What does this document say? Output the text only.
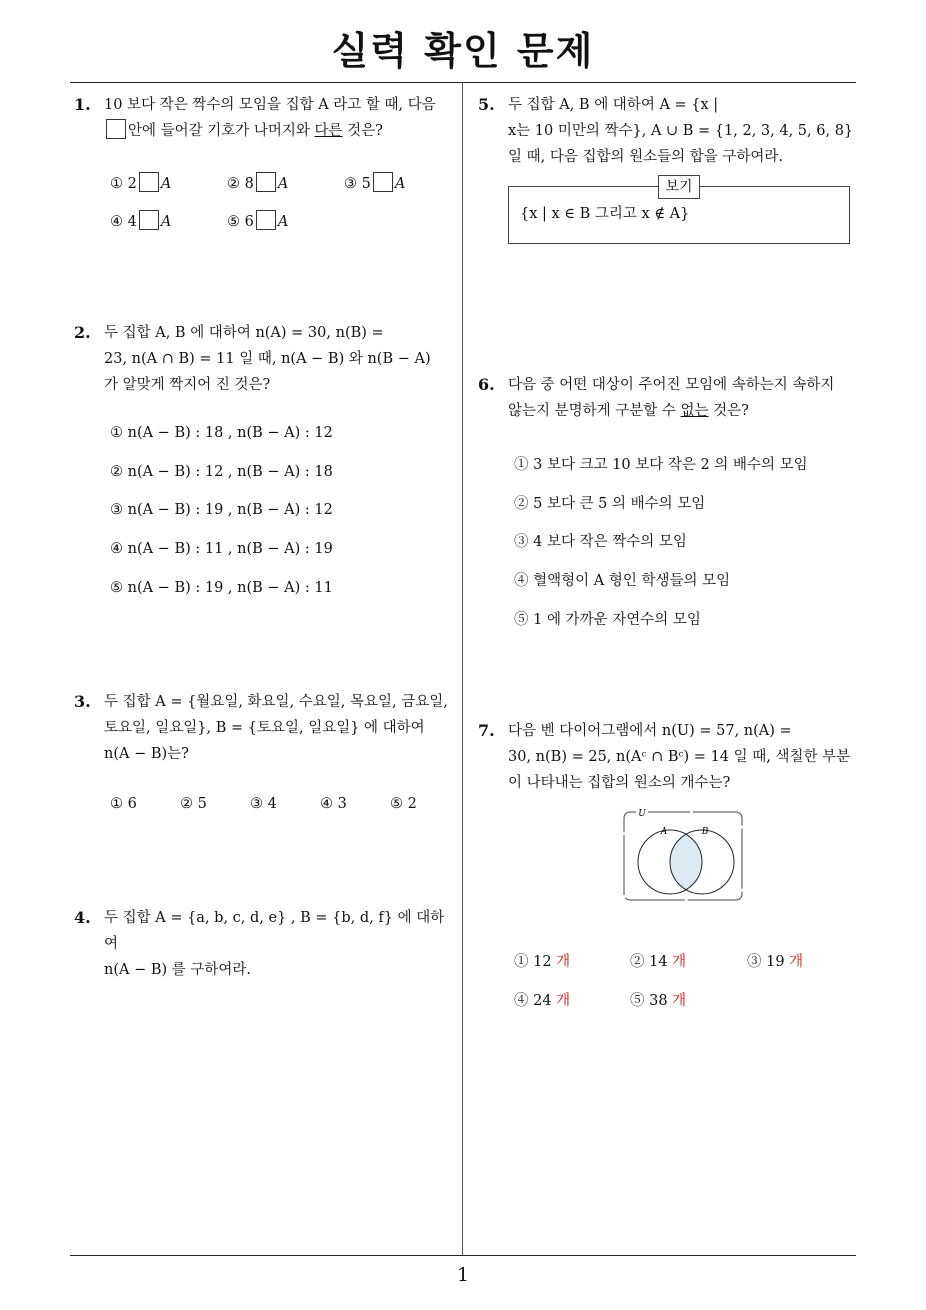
실력 확인 문제
1. 10 보다 작은 짝수의 모임을 집합 A 라고 할 때, 다음
안에 들어갈 기호가 나머지와 다른 것은?
① 2 A	② 8 A	③ 5 A
④ 4 A	⑤ 6 A
2. 두 집합 A, B 에 대하여 n(A) = 30, n(B) =
23, n(A ∩ B) = 11 일 때, n(A − B) 와 n(B − A)
가 알맞게 짝지어 진 것은?
① n(A − B) : 18 , n(B − A) : 12
② n(A − B) : 12 , n(B − A) : 18
③ n(A − B) : 19 , n(B − A) : 12
④ n(A − B) : 11 , n(B − A) : 19
⑤ n(A − B) : 19 , n(B − A) : 11
3. 두 집합 A = {월요일, 화요일, 수요일, 목요일, 금요일,
토요일, 일요일}, B = {토요일, 일요일} 에 대하여
n(A − B)는?
① 6	② 5	③ 4	④ 3	⑤ 2
4. 두 집합 A = {a, b, c, d, e} , B = {b, d, f} 에 대하여
n(A − B) 를 구하여라.
5. 두 집합 A, B 에 대하여 A = {x |
x는 10 미만의 짝수}, A ∪ B = {1, 2, 3, 4, 5, 6, 8}
일 때, 다음 집합의 원소들의 합을 구하여라.
보기
{x | x ∈ B 그리고 x ∉ A}
6. 다음 중 어떤 대상이 주어진 모임에 속하는지 속하지
않는지 분명하게 구분할 수 없는 것은?
① 3 보다 크고 10 보다 작은 2 의 배수의 모임
② 5 보다 큰 5 의 배수의 모임
③ 4 보다 작은 짝수의 모임
④ 혈액형이 A 형인 학생들의 모임
⑤ 1 에 가까운 자연수의 모임
7. 다음 벤 다이어그램에서 n(U) = 57, n(A) =
30, n(B) = 25, n(Aᶜ ∩ Bᶜ) = 14 일 때, 색칠한 부분
이 나타내는 집합의 원소의 개수는?
U
A	B
① 12 개	② 14 개	③ 19 개
④ 24 개	⑤ 38 개
1
